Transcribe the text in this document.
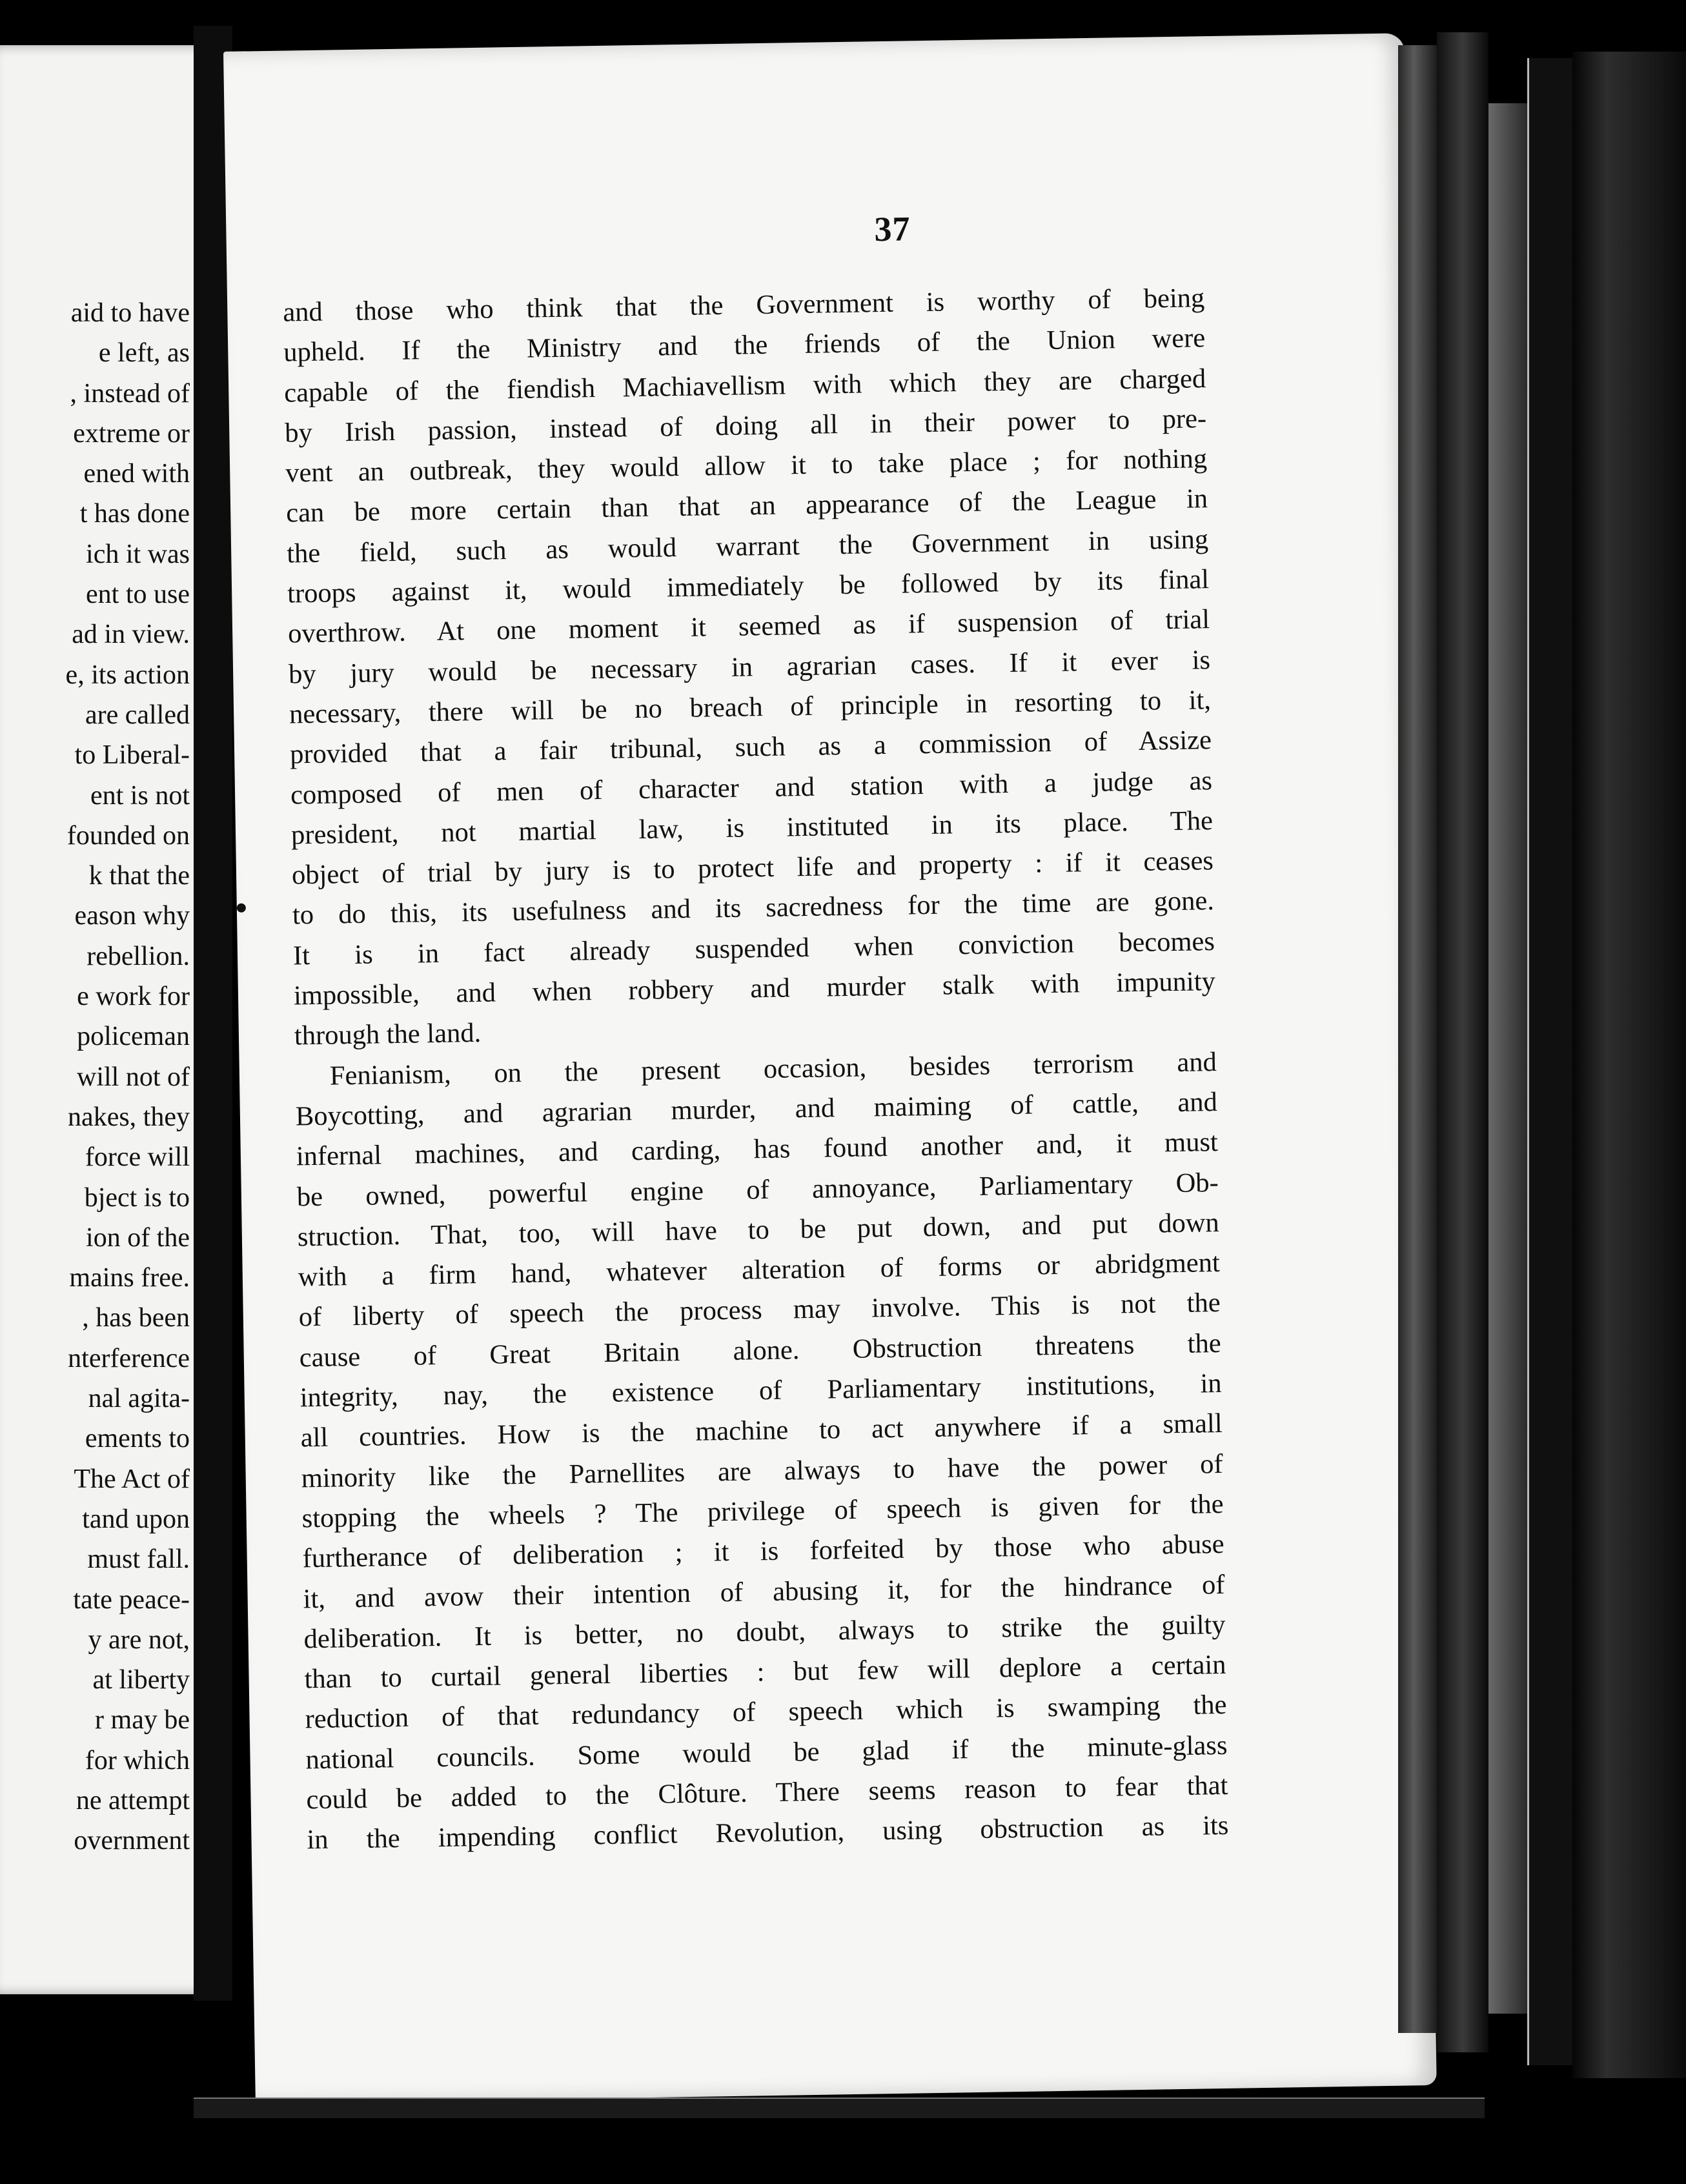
aid to have
e left, as
, instead of
extreme or
ened with
t has done
ich it was
ent to use
ad in view.
e, its action
are called
to Liberal-
ent is not
founded on
k that the
eason why
rebellion.
e work for
policeman
will not of
nakes, they
force will
bject is to
ion of the
mains free.
, has been
nterference
nal agita-
ements to
The Act of
tand upon
must fall.
tate peace-
y are not,
at liberty
r may be
for which
ne attempt
overnment
37
and those who think that the Government is worthy of being
upheld. If the Ministry and the friends of the Union were
capable of the fiendish Machiavellism with which they are charged
by Irish passion, instead of doing all in their power to pre-
vent an outbreak, they would allow it to take place ; for nothing
can be more certain than that an appearance of the League in
the field, such as would warrant the Government in using
troops against it, would immediately be followed by its final
overthrow. At one moment it seemed as if suspension of trial
by jury would be necessary in agrarian cases. If it ever is
necessary, there will be no breach of principle in resorting to it,
provided that a fair tribunal, such as a commission of Assize
composed of men of character and station with a judge as
president, not martial law, is instituted in its place. The
object of trial by jury is to protect life and property : if it ceases
to do this, its usefulness and its sacredness for the time are gone.
It is in fact already suspended when conviction becomes
impossible, and when robbery and murder stalk with impunity
through the land.
Fenianism, on the present occasion, besides terrorism and
Boycotting, and agrarian murder, and maiming of cattle, and
infernal machines, and carding, has found another and, it must
be owned, powerful engine of annoyance, Parliamentary Ob-
struction. That, too, will have to be put down, and put down
with a firm hand, whatever alteration of forms or abridgment
of liberty of speech the process may involve. This is not the
cause of Great Britain alone. Obstruction threatens the
integrity, nay, the existence of Parliamentary institutions, in
all countries. How is the machine to act anywhere if a small
minority like the Parnellites are always to have the power of
stopping the wheels ? The privilege of speech is given for the
furtherance of deliberation ; it is forfeited by those who abuse
it, and avow their intention of abusing it, for the hindrance of
deliberation. It is better, no doubt, always to strike the guilty
than to curtail general liberties : but few will deplore a certain
reduction of that redundancy of speech which is swamping the
national councils. Some would be glad if the minute-glass
could be added to the Clôture. There seems reason to fear that
in the impending conflict Revolution, using obstruction as its
